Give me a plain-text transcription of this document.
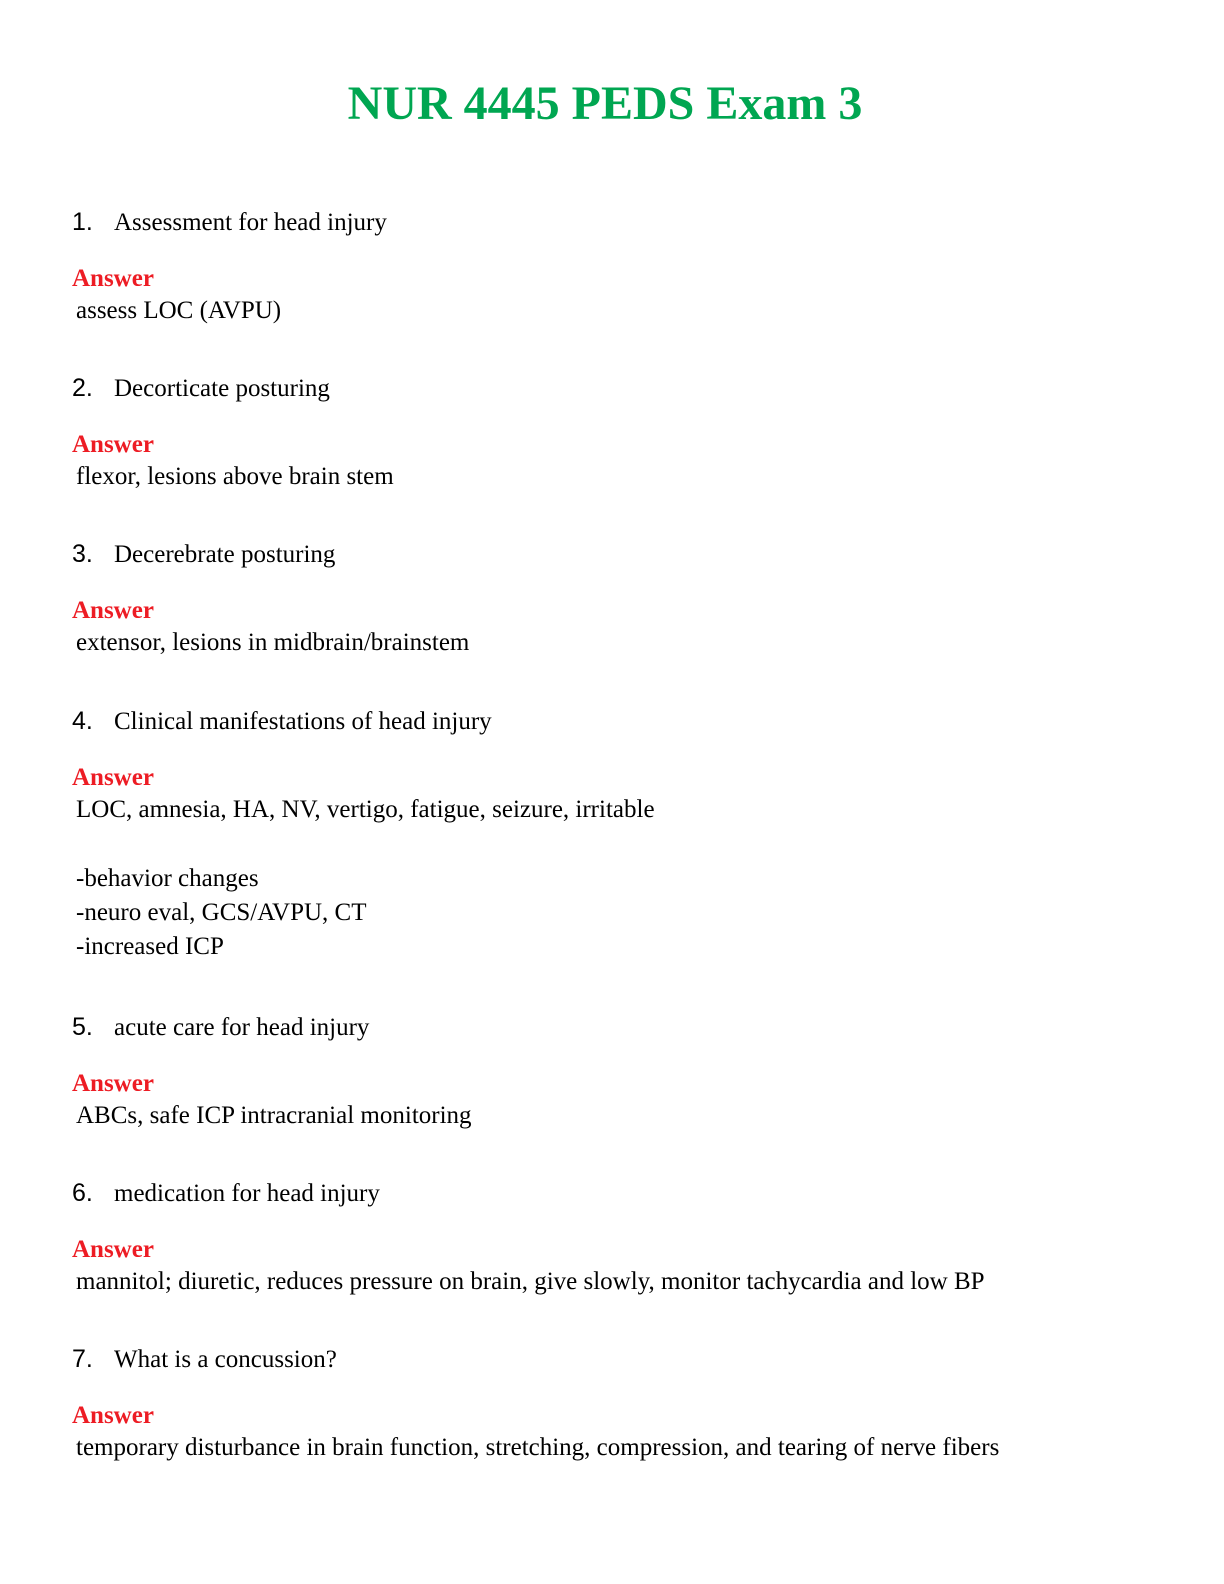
NUR 4445 PEDS Exam 3
1. Assessment for head injury
Answer
assess LOC (AVPU)
2. Decorticate posturing
Answer
flexor, lesions above brain stem
3. Decerebrate posturing
Answer
extensor, lesions in midbrain/brainstem
4. Clinical manifestations of head injury
Answer
LOC, amnesia, HA, NV, vertigo, fatigue, seizure, irritable
-behavior changes
-neuro eval, GCS/AVPU, CT
-increased ICP
5. acute care for head injury
Answer
ABCs, safe ICP intracranial monitoring
6. medication for head injury
Answer
mannitol; diuretic, reduces pressure on brain, give slowly, monitor tachycardia and low BP
7. What is a concussion?
Answer
temporary disturbance in brain function, stretching, compression, and tearing of nerve fibers
